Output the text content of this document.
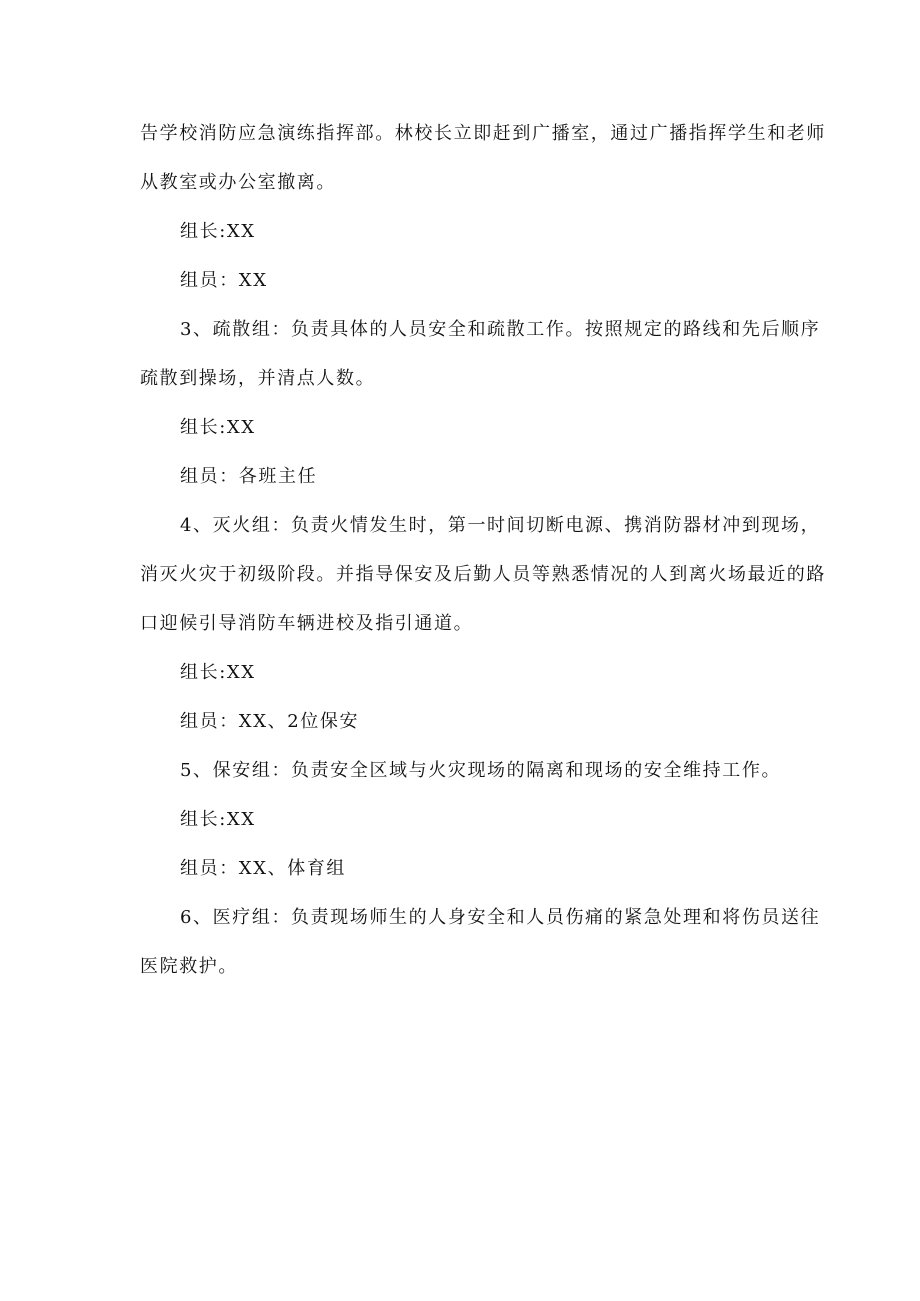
告学校消防应急演练指挥部。林校长立即赶到广播室，通过广播指挥学生和老师
从教室或办公室撤离。
组长:XX
组员：XX
3、疏散组：负责具体的人员安全和疏散工作。按照规定的路线和先后顺序
疏散到操场，并清点人数。
组长:XX
组员：各班主任
4、灭火组：负责火情发生时，第一时间切断电源、携消防器材冲到现场，
消灭火灾于初级阶段。并指导保安及后勤人员等熟悉情况的人到离火场最近的路
口迎候引导消防车辆进校及指引通道。
组长:XX
组员：XX、2位保安
5、保安组：负责安全区域与火灾现场的隔离和现场的安全维持工作。
组长:XX
组员：XX、体育组
6、医疗组：负责现场师生的人身安全和人员伤痛的紧急处理和将伤员送往
医院救护。
